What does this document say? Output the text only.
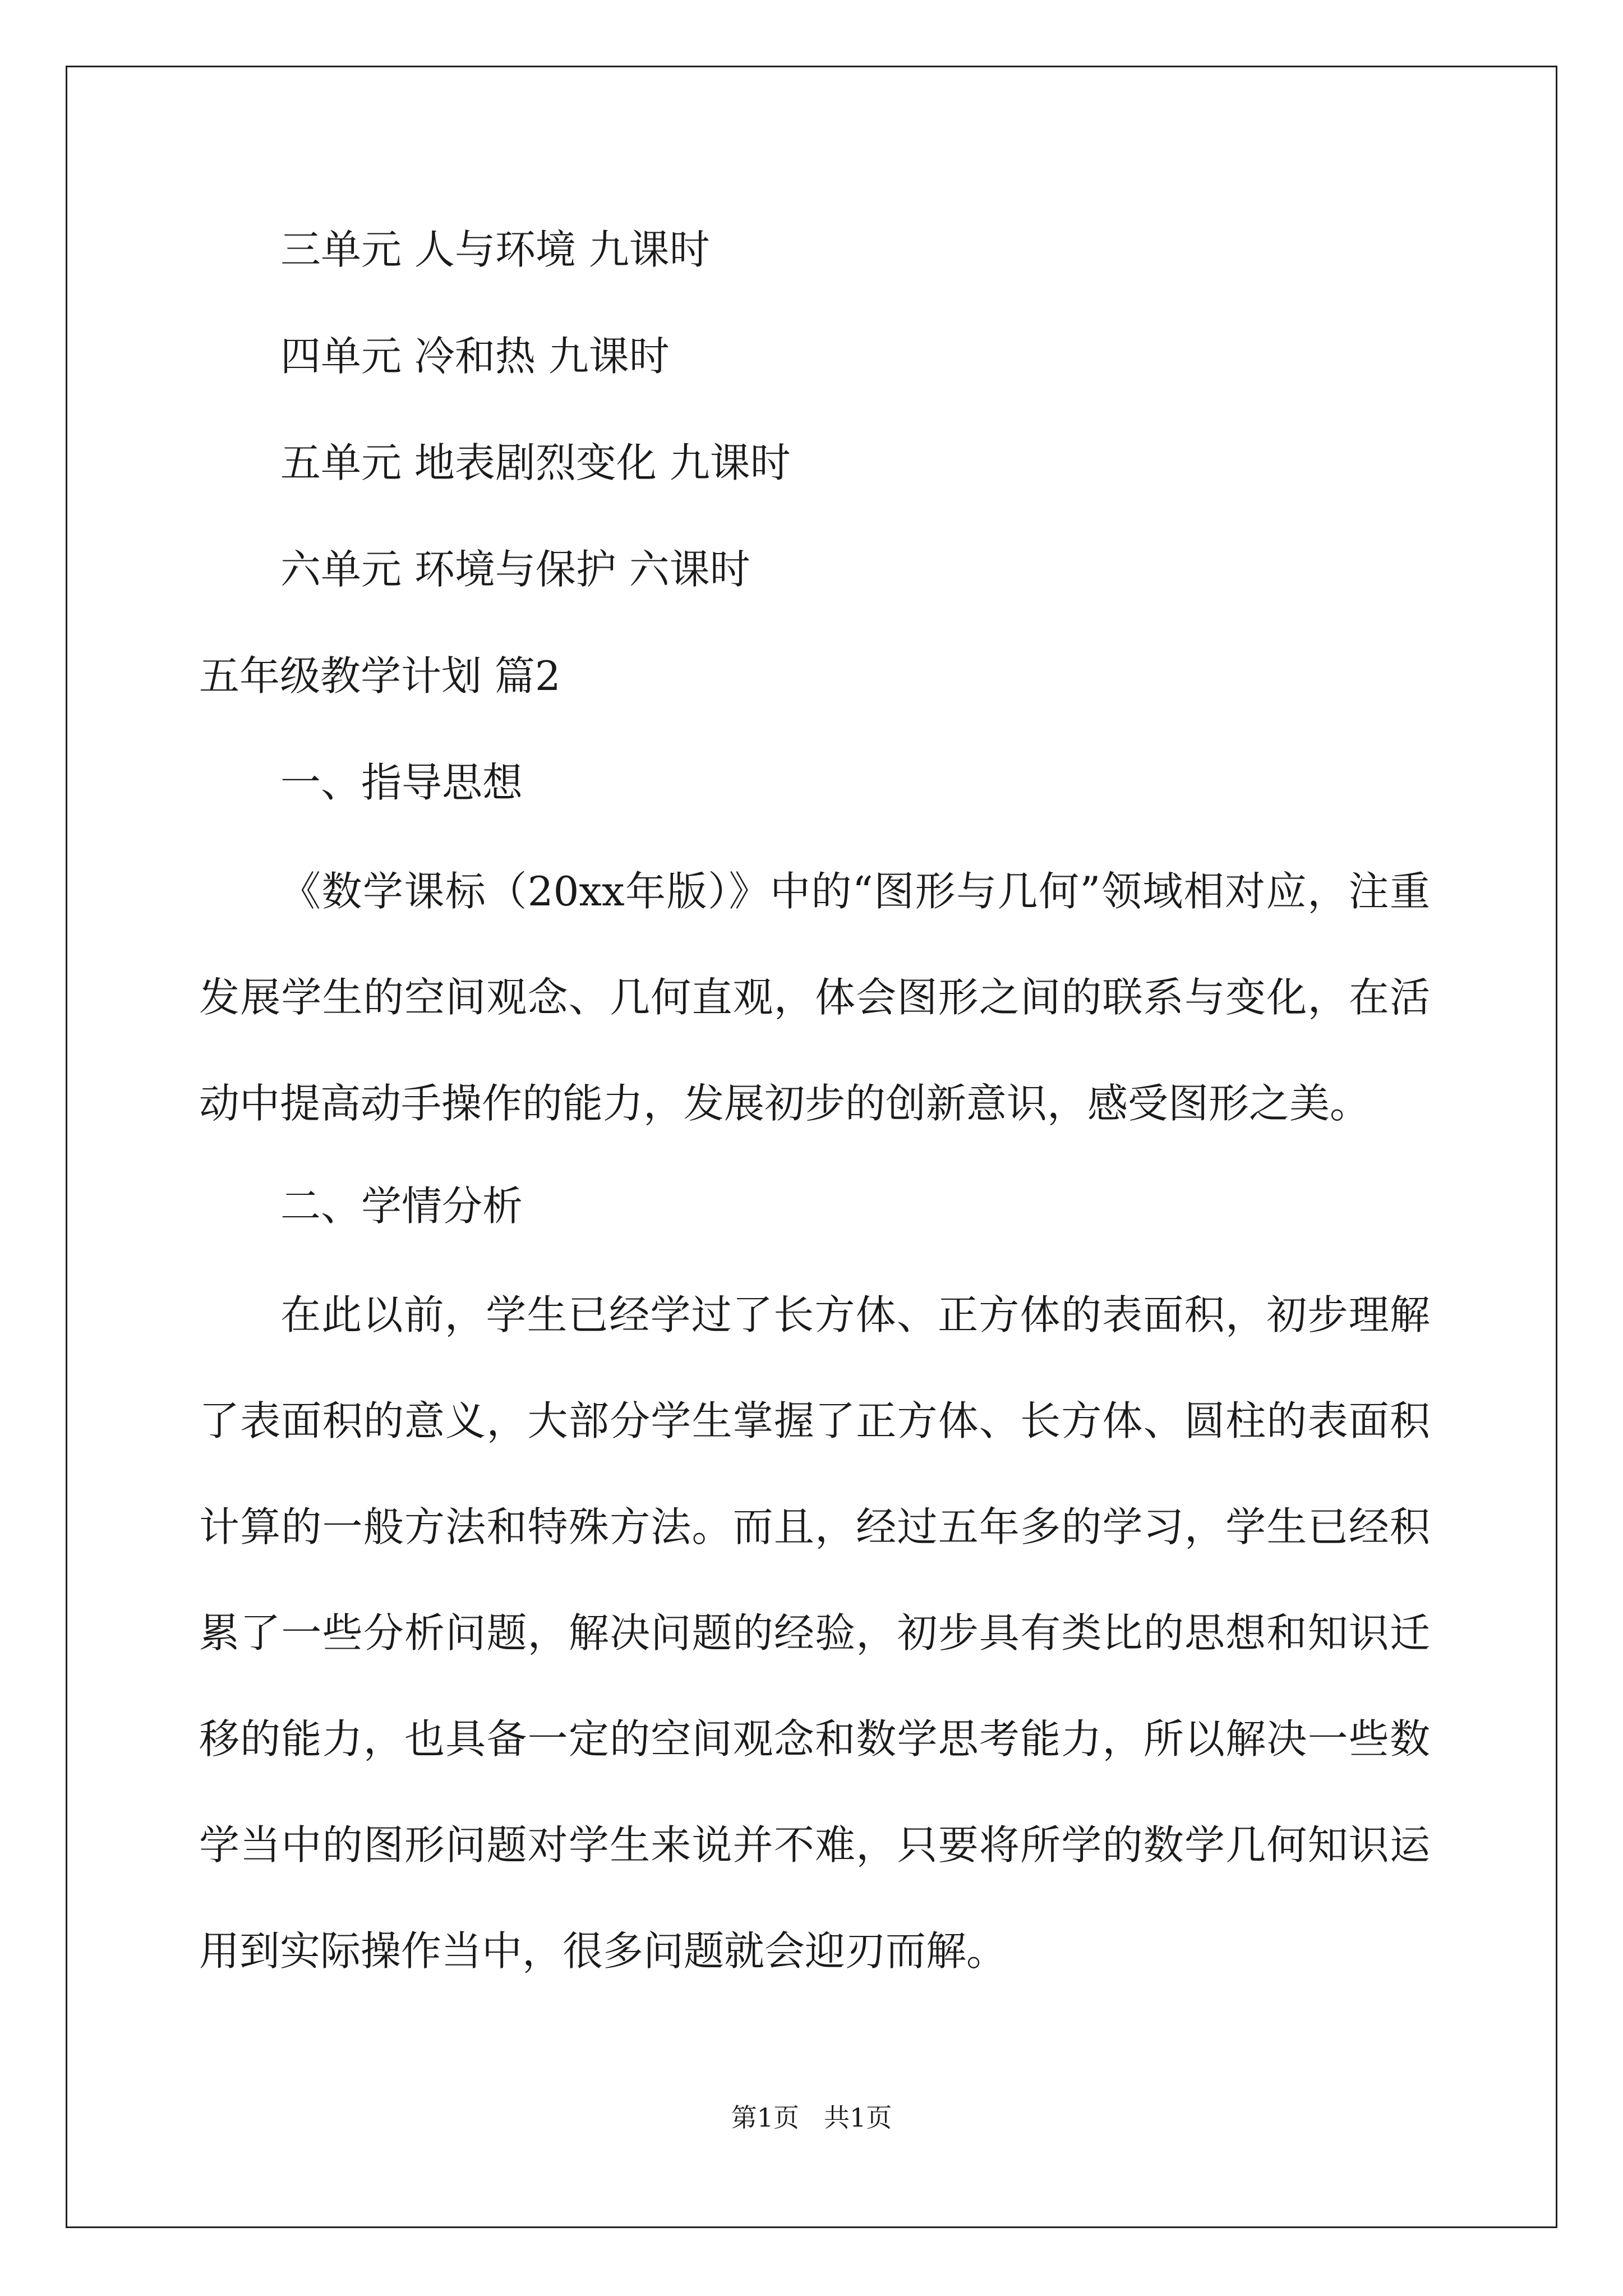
三单元 人与环境 九课时
四单元 冷和热 九课时
五单元 地表剧烈变化 九课时
六单元 环境与保护 六课时
五年级教学计划 篇2
一、指导思想
《数学课标（20xx年版）》中的“图形与几何”领域相对应，注重发展学生的空间观念、几何直观，体会图形之间的联系与变化，在活动中提高动手操作的能力，发展初步的创新意识，感受图形之美。
二、学情分析
在此以前，学生已经学过了长方体、正方体的表面积，初步理解了表面积的意义，大部分学生掌握了正方体、长方体、圆柱的表面积计算的一般方法和特殊方法。而且，经过五年多的学习，学生已经积累了一些分析问题，解决问题的经验，初步具有类比的思想和知识迁移的能力，也具备一定的空间观念和数学思考能力，所以解决一些数学当中的图形问题对学生来说并不难，只要将所学的数学几何知识运用到实际操作当中，很多问题就会迎刃而解。
第1页 共1页
